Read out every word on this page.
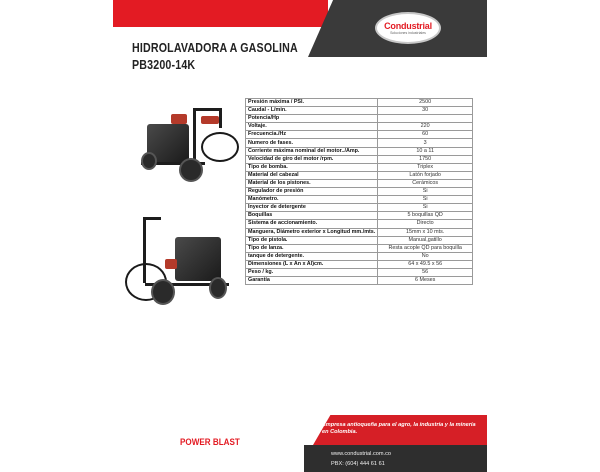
Condustrial
Soluciones industriales
HIDROLAVADORA A GASOLINA
PB3200-14K
Presión máxima / PSI.	2500
Caudal - L/min.	30
Potencia/Hp	
Voltaje.	220
Frecuencia./Hz	60
Numero de fases.	3
Corriente máxima nominal del motor../Amp.	10 a 11
Velocidad de giro del motor /rpm.	1750
Tipo de bomba.	Triplex
Material del cabezal	Latón forjado
Material de los pistones.	Cerámicos
Regulador de presión	Si
Manómetro.	Si
Inyector de detergente	Si
Boquillas	5 boquillas QD
Sistema de accionamiento.	Directo
Manguera, Diámetro exterior x Longitud mm./mts.	15mm x 10 mts.
Tipo de pistola.	Manual,gatillo
Tipo de lanza.	Resta acople QD para boquilla
tanque de detergente.	No
Dimensiones (L x An x Al)cm.	64 x 49.5 x 56
Peso / kg.	56
Garantía	6 Meses
POWER BLAST
Empresa antioqueña para el agro, la industria y la minería en Colombia.
www.condustrial.com.co
PBX: (604) 444 61 61
